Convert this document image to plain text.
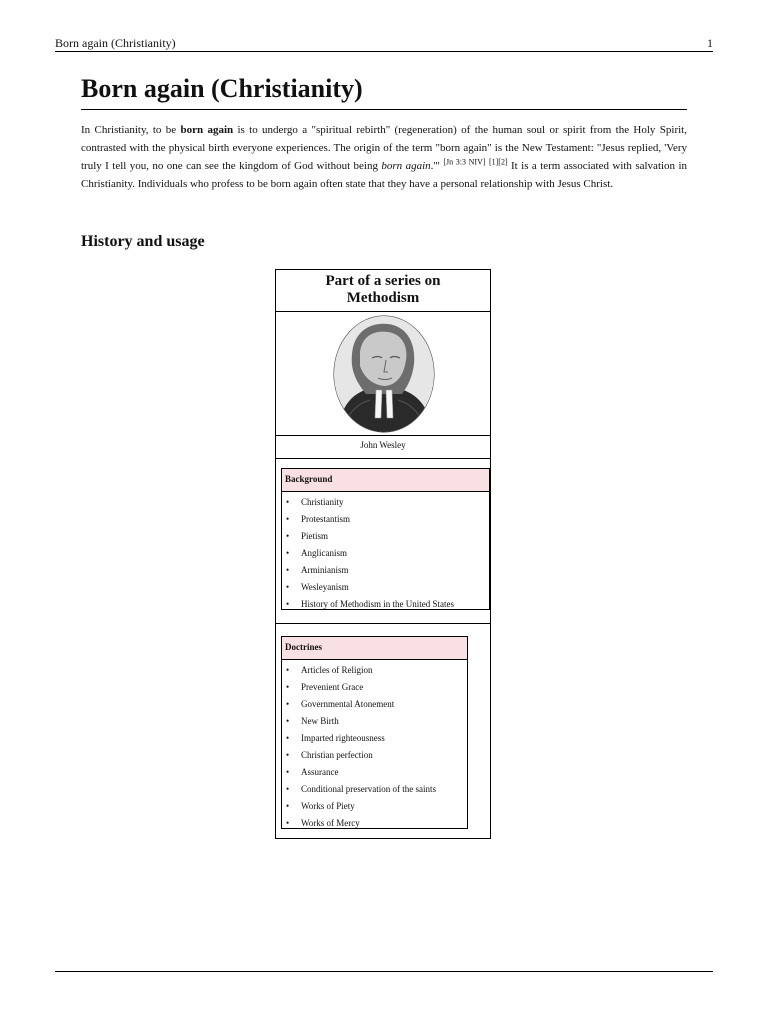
Born again (Christianity)	1
Born again (Christianity)

In Christianity, to be born again is to undergo a "spiritual rebirth" (regeneration) of the human soul or spirit from the Holy Spirit, contrasted with the physical birth everyone experiences. The origin of the term "born again" is the New Testament: "Jesus replied, 'Very truly I tell you, no one can see the kingdom of God without being born again.'" [Jn 3:3 NIV] [1][2] It is a term associated with salvation in Christianity. Individuals who profess to be born again often state that they have a personal relationship with Jesus Christ.

History and usage
Part of a series on
Methodism
John Wesley
Background
• Christianity
• Protestantism
• Pietism
• Anglicanism
• Arminianism
• Wesleyanism
• History of Methodism in the United States
Doctrines
• Articles of Religion
• Prevenient Grace
• Governmental Atonement
• New Birth
• Imparted righteousness
• Christian perfection
• Assurance
• Conditional preservation of the saints
• Works of Piety
• Works of Mercy
